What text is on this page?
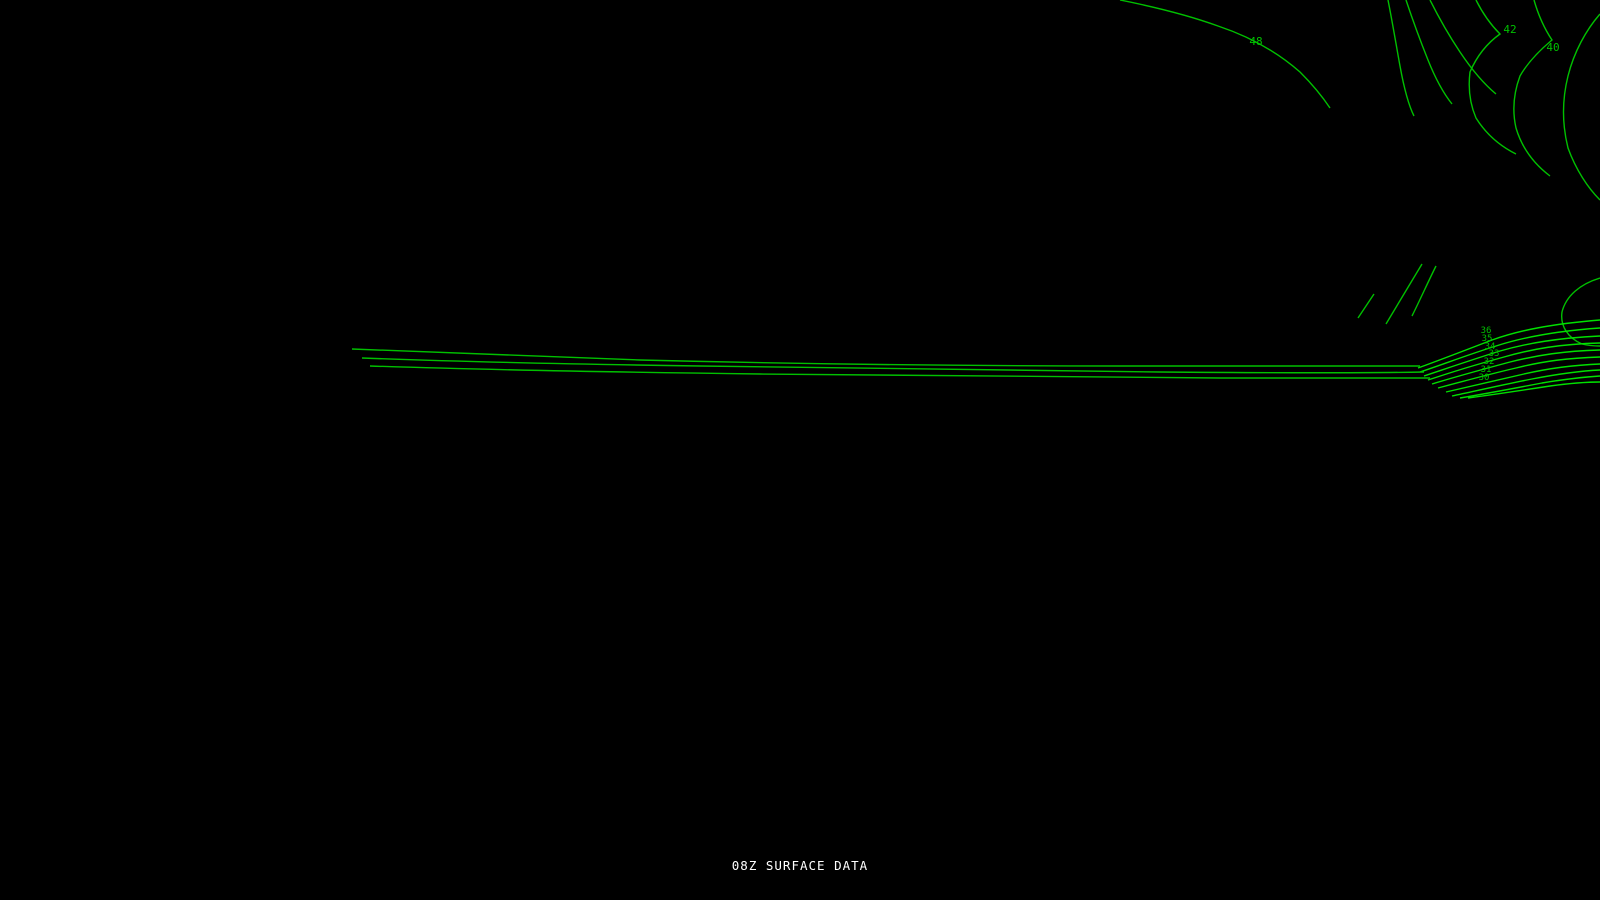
48
42
40
36
35
34
33
32
31
30
08Z SURFACE DATA
